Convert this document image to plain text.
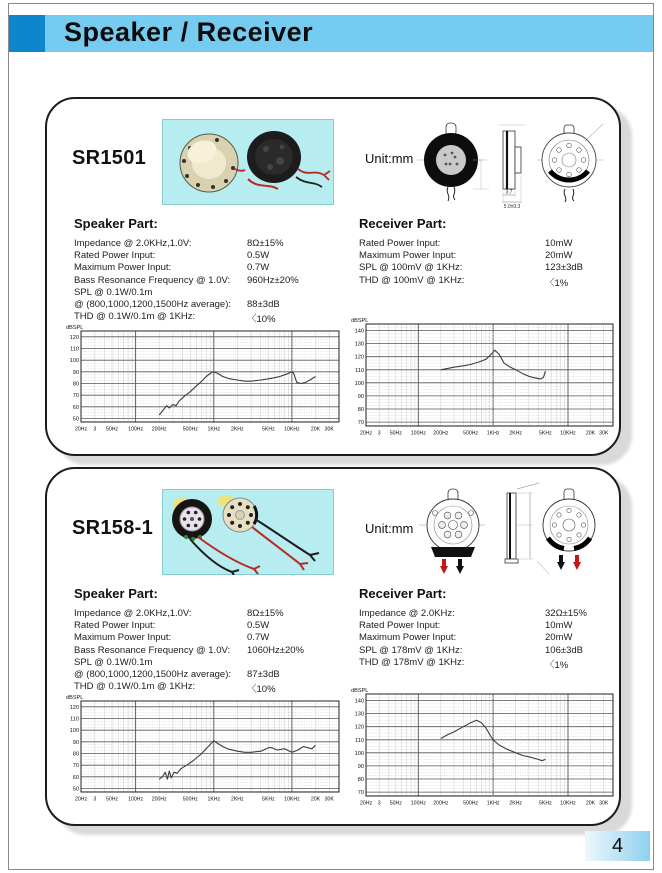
Speaker / Receiver
SR1501	Unit:mm
3.7
5.0±0.3
Speaker Part:
Impedance @ 2.0KHz,1.0V:	8Ω±15%
Rated Power Input:	0.5W
Maximum Power Input:	0.7W
Bass Resonance Frequency @ 1.0V: 960Hz±20%
SPL @ 0.1W/0.1m
@ (800,1000,1200,1500Hz average): 88±3dB
THD @ 0.1W/0.1m @ 1KHz:	〈10%
Receiver Part:
Rated Power Input:	10mW
Maximum Power Input:	20mW
SPL @ 100mV @ 1KHz:	123±3dB
THD @ 100mV @ 1KHz:	〈1%
50
60
70
80
90
100
110
120
20Hz 3 50Hz 100Hz 200Hz	500Hz 1KHz 2KHz	5KHz 10KHz 20K 30K
dBSPL
70
80
90
100
110
120
130
140
20Hz 3 50Hz 100Hz 200Hz	500Hz 1KHz 2KHz	5KHz 10KHz 20K 30K
dBSPL
SR158-1	Unit:mm
Speaker Part:
Impedance @ 2.0KHz,1.0V:	8Ω±15%
Rated Power Input:	0.5W
Maximum Power Input:	0.7W
Bass Resonance Frequency @ 1.0V: 1060Hz±20%
SPL @ 0.1W/0.1m
@ (800,1000,1200,1500Hz average): 87±3dB
THD @ 0.1W/0.1m @ 1KHz:	〈10%
Receiver Part:
Impedance @ 2.0KHz:	32Ω±15%
Rated Power Input:	10mW
Maximum Power Input:	20mW
SPL @ 178mV @ 1KHz:	106±3dB
THD @ 178mV @ 1KHz:	〈1%
50
60
70
80
90
100
110
120
20Hz 3 50Hz 100Hz 200Hz	500Hz 1KHz 2KHz	5KHz 10KHz 20K 30K
dBSPL
70
80
90
100
110
120
130
140
20Hz 3 50Hz 100Hz 200Hz	500Hz 1KHz 2KHz	5KHz 10KHz 20K 30K
dBSPL
4
